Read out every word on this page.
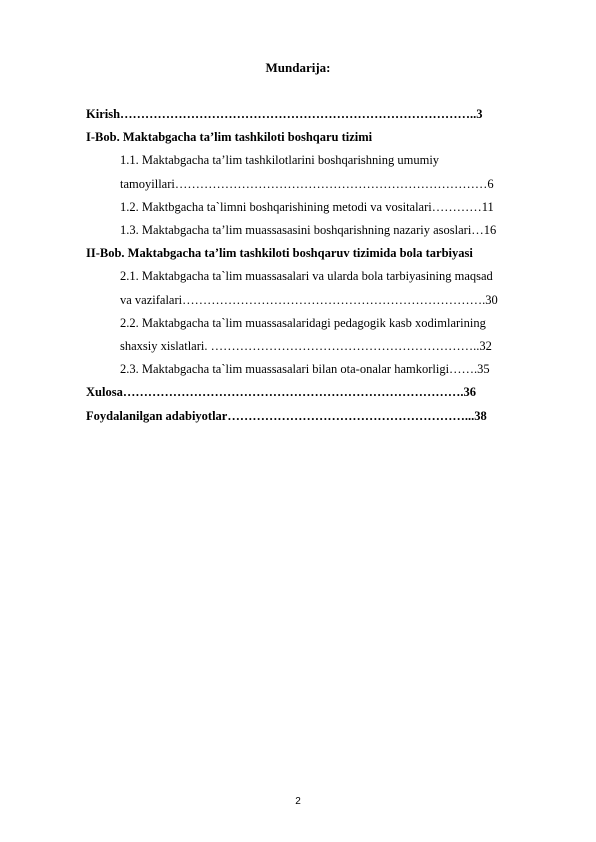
Mundarija:
Kirish…………………………………………………………………………..3
I-Bob. Maktabgacha ta’lim tashkiloti boshqaru tizimi
1.1. Maktabgacha ta’lim tashkilotlarini boshqarishning umumiy
tamoyillari…………………………………………………………………6
1.2. Maktbgacha ta`limni boshqarishining metodi va vositalari…………11
1.3. Maktabgacha ta’lim muassasasini boshqarishning nazariy asoslari…16
II-Bob. Maktabgacha ta’lim tashkiloti boshqaruv tizimida bola tarbiyasi
2.1. Maktabgacha ta`lim muassasalari va ularda bola tarbiyasining maqsad
va vazifalari……………………………………………………………….30
2.2. Maktabgacha ta`lim muassasalaridagi pedagogik kasb xodimlarining
shaxsiy xislatlari. ………………………………………………………..32
2.3. Maktabgacha ta`lim muassasalari bilan ota-onalar hamkorligi…….35
Xulosa……………………………………………………………………….36
Foydalanilgan adabiyotlar…………………………………………………...38
2
